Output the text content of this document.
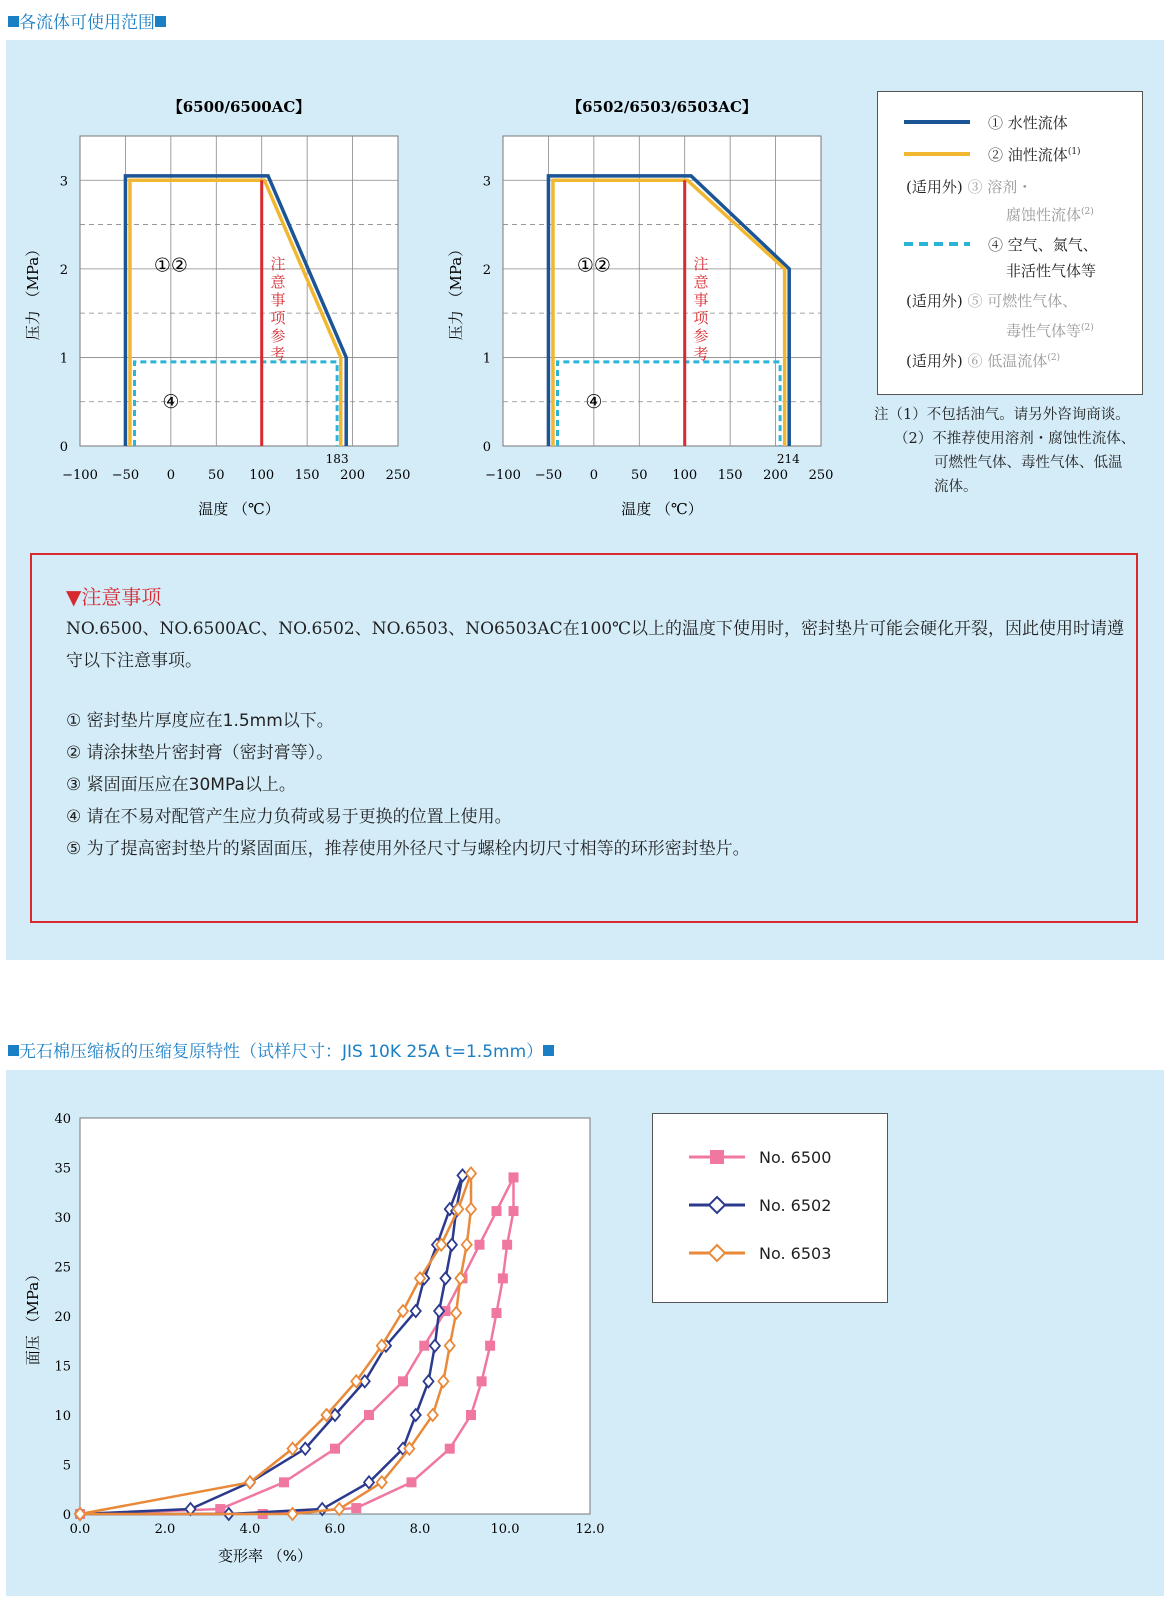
各流体可使用范围
【6500/6500AC】
−100 −50 0	50 100 150 200 250
0
1
2
3
温度 （℃）
压力 （MPa）	①②
④
注意事项参考
183
【6502/6503/6503AC】
−100 −50 0	50 100 150 200 250
0
1
2
3
温度 （℃）
压力 （MPa）	①②
④
注意事项参考
214
① 水性流体
② 油性流体$^{(1)}$
(适用外) ③ 溶剂・
腐蚀性流体$^{(2)}$
④ 空气、氮气、
非活性气体等
(适用外) ⑤ 可燃性气体、
毒性气体等$^{(2)}$
(适用外) ⑥ 低温流体$^{(2)}$
注（1）不包括油气。请另外咨询商谈。
（2）不推荐使用溶剂・腐蚀性流体、
可燃性气体、毒性气体、低温
流体。
▼注意事项
NO.6500、NO.6500AC、NO.6502、NO.6503、NO6503AC在100℃以上的温度下使用时，密封垫片可能会硬化开裂，因此使用时请遵守以下注意事项。
① 密封垫片厚度应在1.5mm以下。
② 请涂抹垫片密封膏（密封膏等）。
③ 紧固面压应在30MPa以上。
④ 请在不易对配管产生应力负荷或易于更换的位置上使用。
⑤ 为了提高密封垫片的紧固面压，推荐使用外径尺寸与螺栓内切尺寸相等的环形密封垫片。
无石棉压缩板的压缩复原特性（试样尺寸：JIS 10K 25A t=1.5mm）
0.0	2.0	4.0	6.0	8.0	10.0	12.0
0
5
10
15
20
25
30
35
40
变形率 （%）
面压 （MPa）
No. 6500
No. 6502
No. 6503
